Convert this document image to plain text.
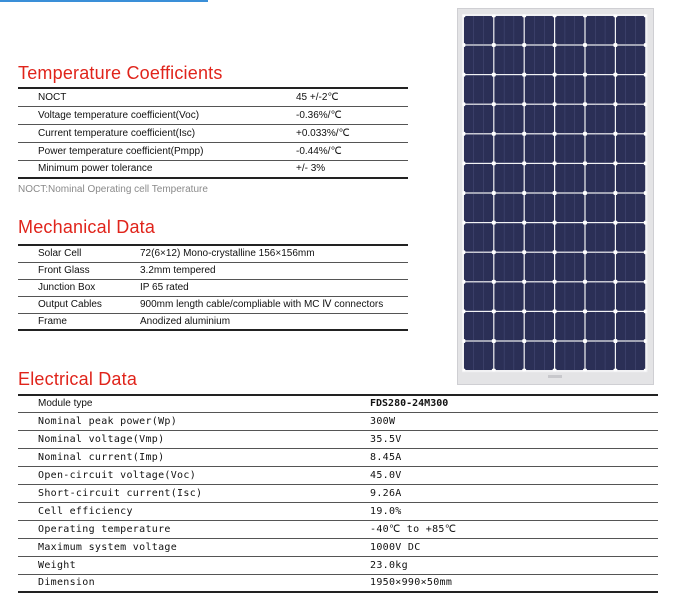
Temperature Coefficients
NOCT	45 +/-2℃
Voltage temperature coefficient(Voc)	-0.36%/℃
Current temperature coefficient(Isc)	+0.033%/℃
Power temperature coefficient(Pmpp)	-0.44%/℃
Minimum power tolerance	+/- 3%
NOCT:Nominal Operating cell Temperature
Mechanical Data
Solar Cell	72(6×12) Mono-crystalline 156×156mm
Front Glass	3.2mm tempered
Junction Box	IP 65 rated
Output Cables	900mm length cable/compliable with MC Ⅳ connectors
Frame	Anodized aluminium
Electrical Data
Module type	FDS280-24M300
Nominal peak power(Wp)	300W
Nominal voltage(Vmp)	35.5V
Nominal current(Imp)	8.45A
Open-circuit voltage(Voc)	45.0V
Short-circuit current(Isc)	9.26A
Cell efficiency	19.0%
Operating temperature	-40℃ to +85℃
Maximum system voltage	1000V DC
Weight	23.0kg
Dimension	1950×990×50mm
